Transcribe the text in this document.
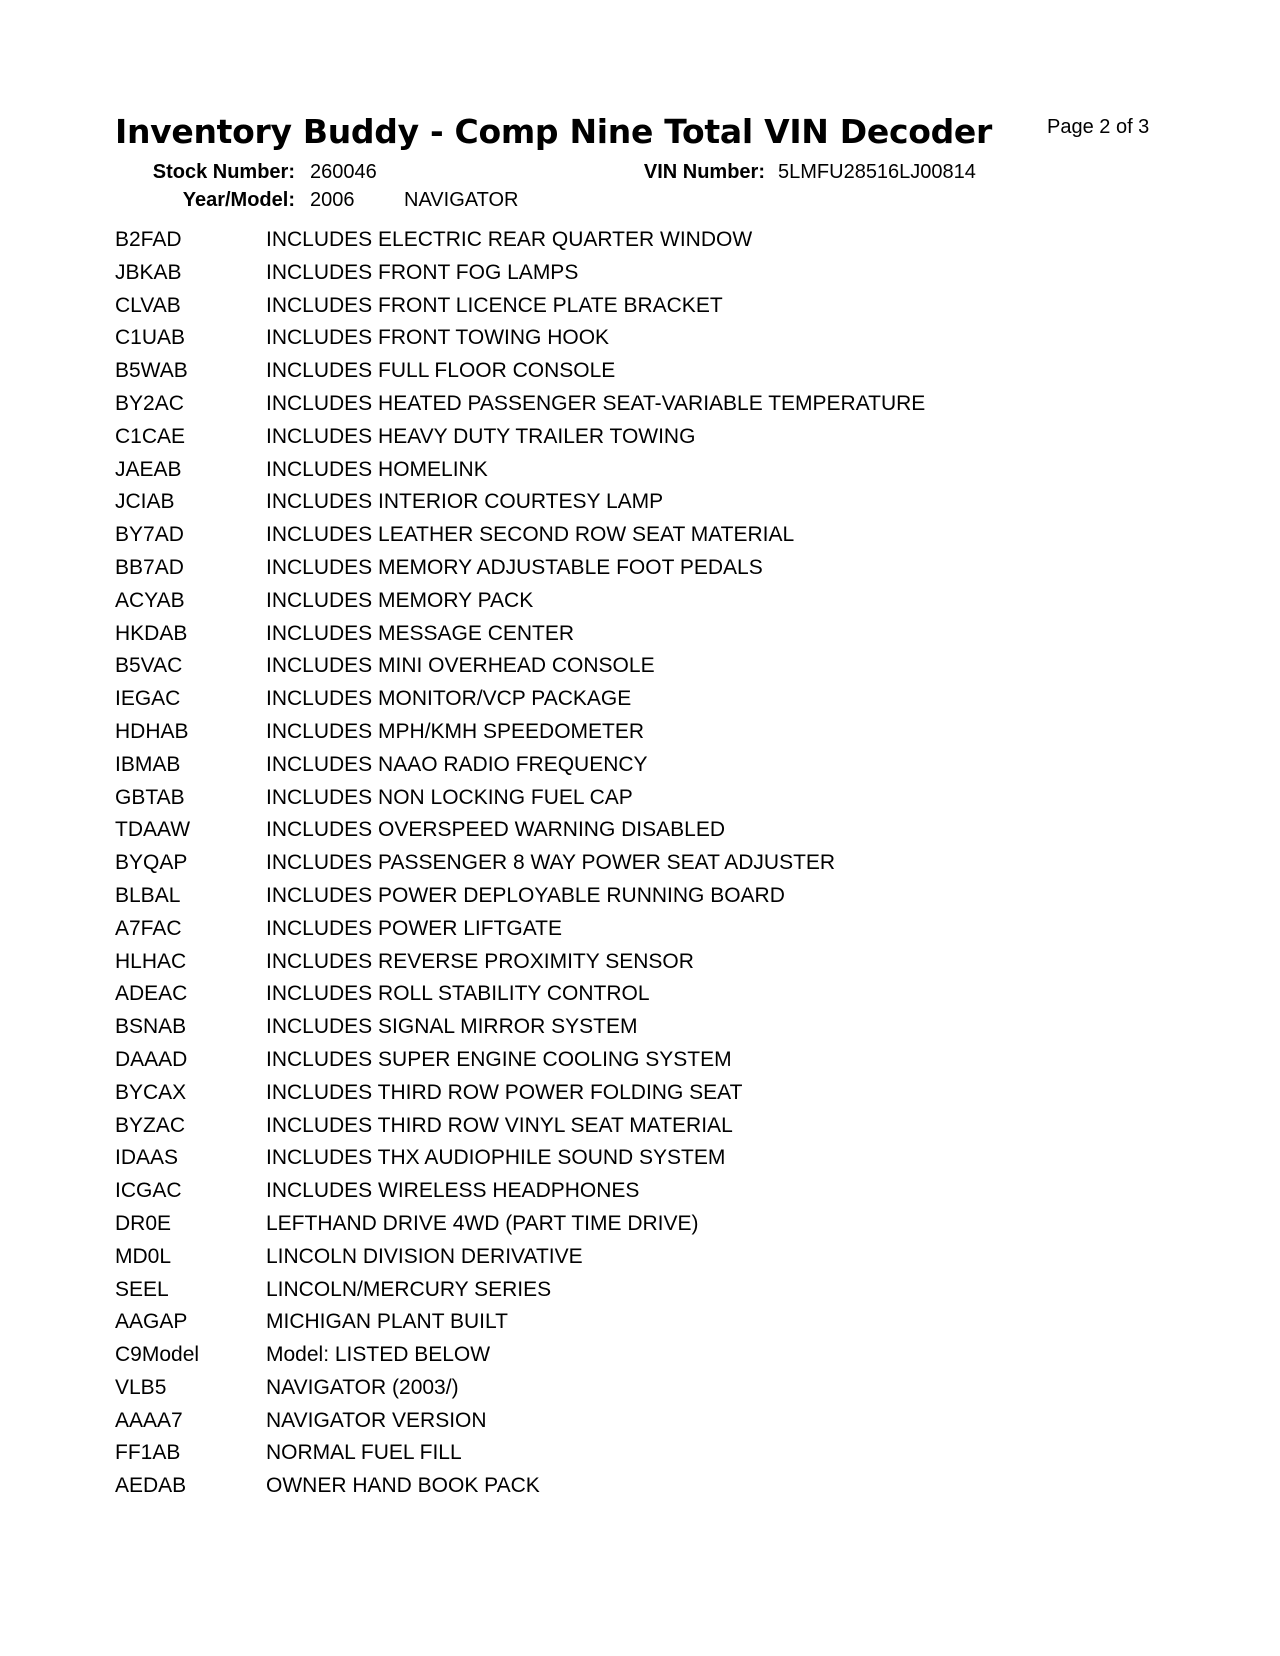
Inventory Buddy - Comp Nine Total VIN Decoder	Page 2 of 3
Stock Number: 260046	VIN Number: 5LMFU28516LJ00814
Year/Model: 2006 NAVIGATOR
B2FAD	INCLUDES ELECTRIC REAR QUARTER WINDOW
JBKAB	INCLUDES FRONT FOG LAMPS
CLVAB	INCLUDES FRONT LICENCE PLATE BRACKET
C1UAB	INCLUDES FRONT TOWING HOOK
B5WAB	INCLUDES FULL FLOOR CONSOLE
BY2AC	INCLUDES HEATED PASSENGER SEAT-VARIABLE TEMPERATURE
C1CAE	INCLUDES HEAVY DUTY TRAILER TOWING
JAEAB	INCLUDES HOMELINK
JCIAB	INCLUDES INTERIOR COURTESY LAMP
BY7AD	INCLUDES LEATHER SECOND ROW SEAT MATERIAL
BB7AD	INCLUDES MEMORY ADJUSTABLE FOOT PEDALS
ACYAB	INCLUDES MEMORY PACK
HKDAB	INCLUDES MESSAGE CENTER
B5VAC	INCLUDES MINI OVERHEAD CONSOLE
IEGAC	INCLUDES MONITOR/VCP PACKAGE
HDHAB	INCLUDES MPH/KMH SPEEDOMETER
IBMAB	INCLUDES NAAO RADIO FREQUENCY
GBTAB	INCLUDES NON LOCKING FUEL CAP
TDAAW	INCLUDES OVERSPEED WARNING DISABLED
BYQAP	INCLUDES PASSENGER 8 WAY POWER SEAT ADJUSTER
BLBAL	INCLUDES POWER DEPLOYABLE RUNNING BOARD
A7FAC	INCLUDES POWER LIFTGATE
HLHAC	INCLUDES REVERSE PROXIMITY SENSOR
ADEAC	INCLUDES ROLL STABILITY CONTROL
BSNAB	INCLUDES SIGNAL MIRROR SYSTEM
DAAAD	INCLUDES SUPER ENGINE COOLING SYSTEM
BYCAX	INCLUDES THIRD ROW POWER FOLDING SEAT
BYZAC	INCLUDES THIRD ROW VINYL SEAT MATERIAL
IDAAS	INCLUDES THX AUDIOPHILE SOUND SYSTEM
ICGAC	INCLUDES WIRELESS HEADPHONES
DR0E	LEFTHAND DRIVE 4WD (PART TIME DRIVE)
MD0L	LINCOLN DIVISION DERIVATIVE
SEEL	LINCOLN/MERCURY SERIES
AAGAP	MICHIGAN PLANT BUILT
C9Model	Model: LISTED BELOW
VLB5	NAVIGATOR (2003/)
AAAA7	NAVIGATOR VERSION
FF1AB	NORMAL FUEL FILL
AEDAB	OWNER HAND BOOK PACK
